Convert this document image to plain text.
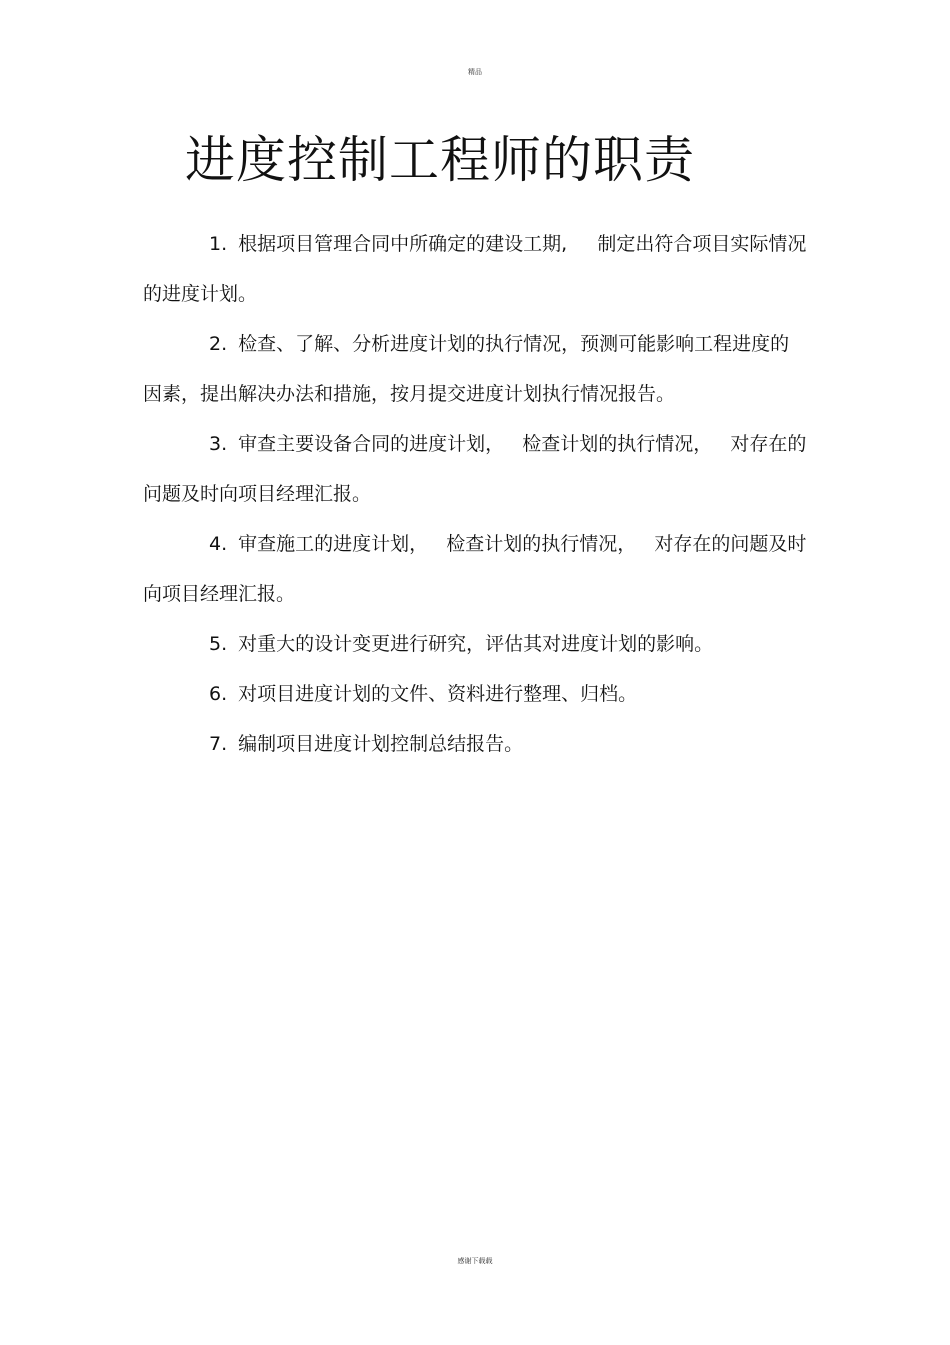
精品
进度控制工程师的职责
1. 根据项目管理合同中所确定的建设工期,     制定出符合项目实际情况的进度计划。
2. 检查、了解、分析进度计划的执行情况，预测可能影响工程进度的因素，提出解决办法和措施，按月提交进度计划执行情况报告。
3. 审查主要设备合同的进度计划，   检查计划的执行情况，   对存在的问题及时向项目经理汇报。
4. 审查施工的进度计划，   检查计划的执行情况，   对存在的问题及时向项目经理汇报。
5. 对重大的设计变更进行研究，评估其对进度计划的影响。
6. 对项目进度计划的文件、资料进行整理、归档。
7. 编制项目进度计划控制总结报告。
感谢下载载
